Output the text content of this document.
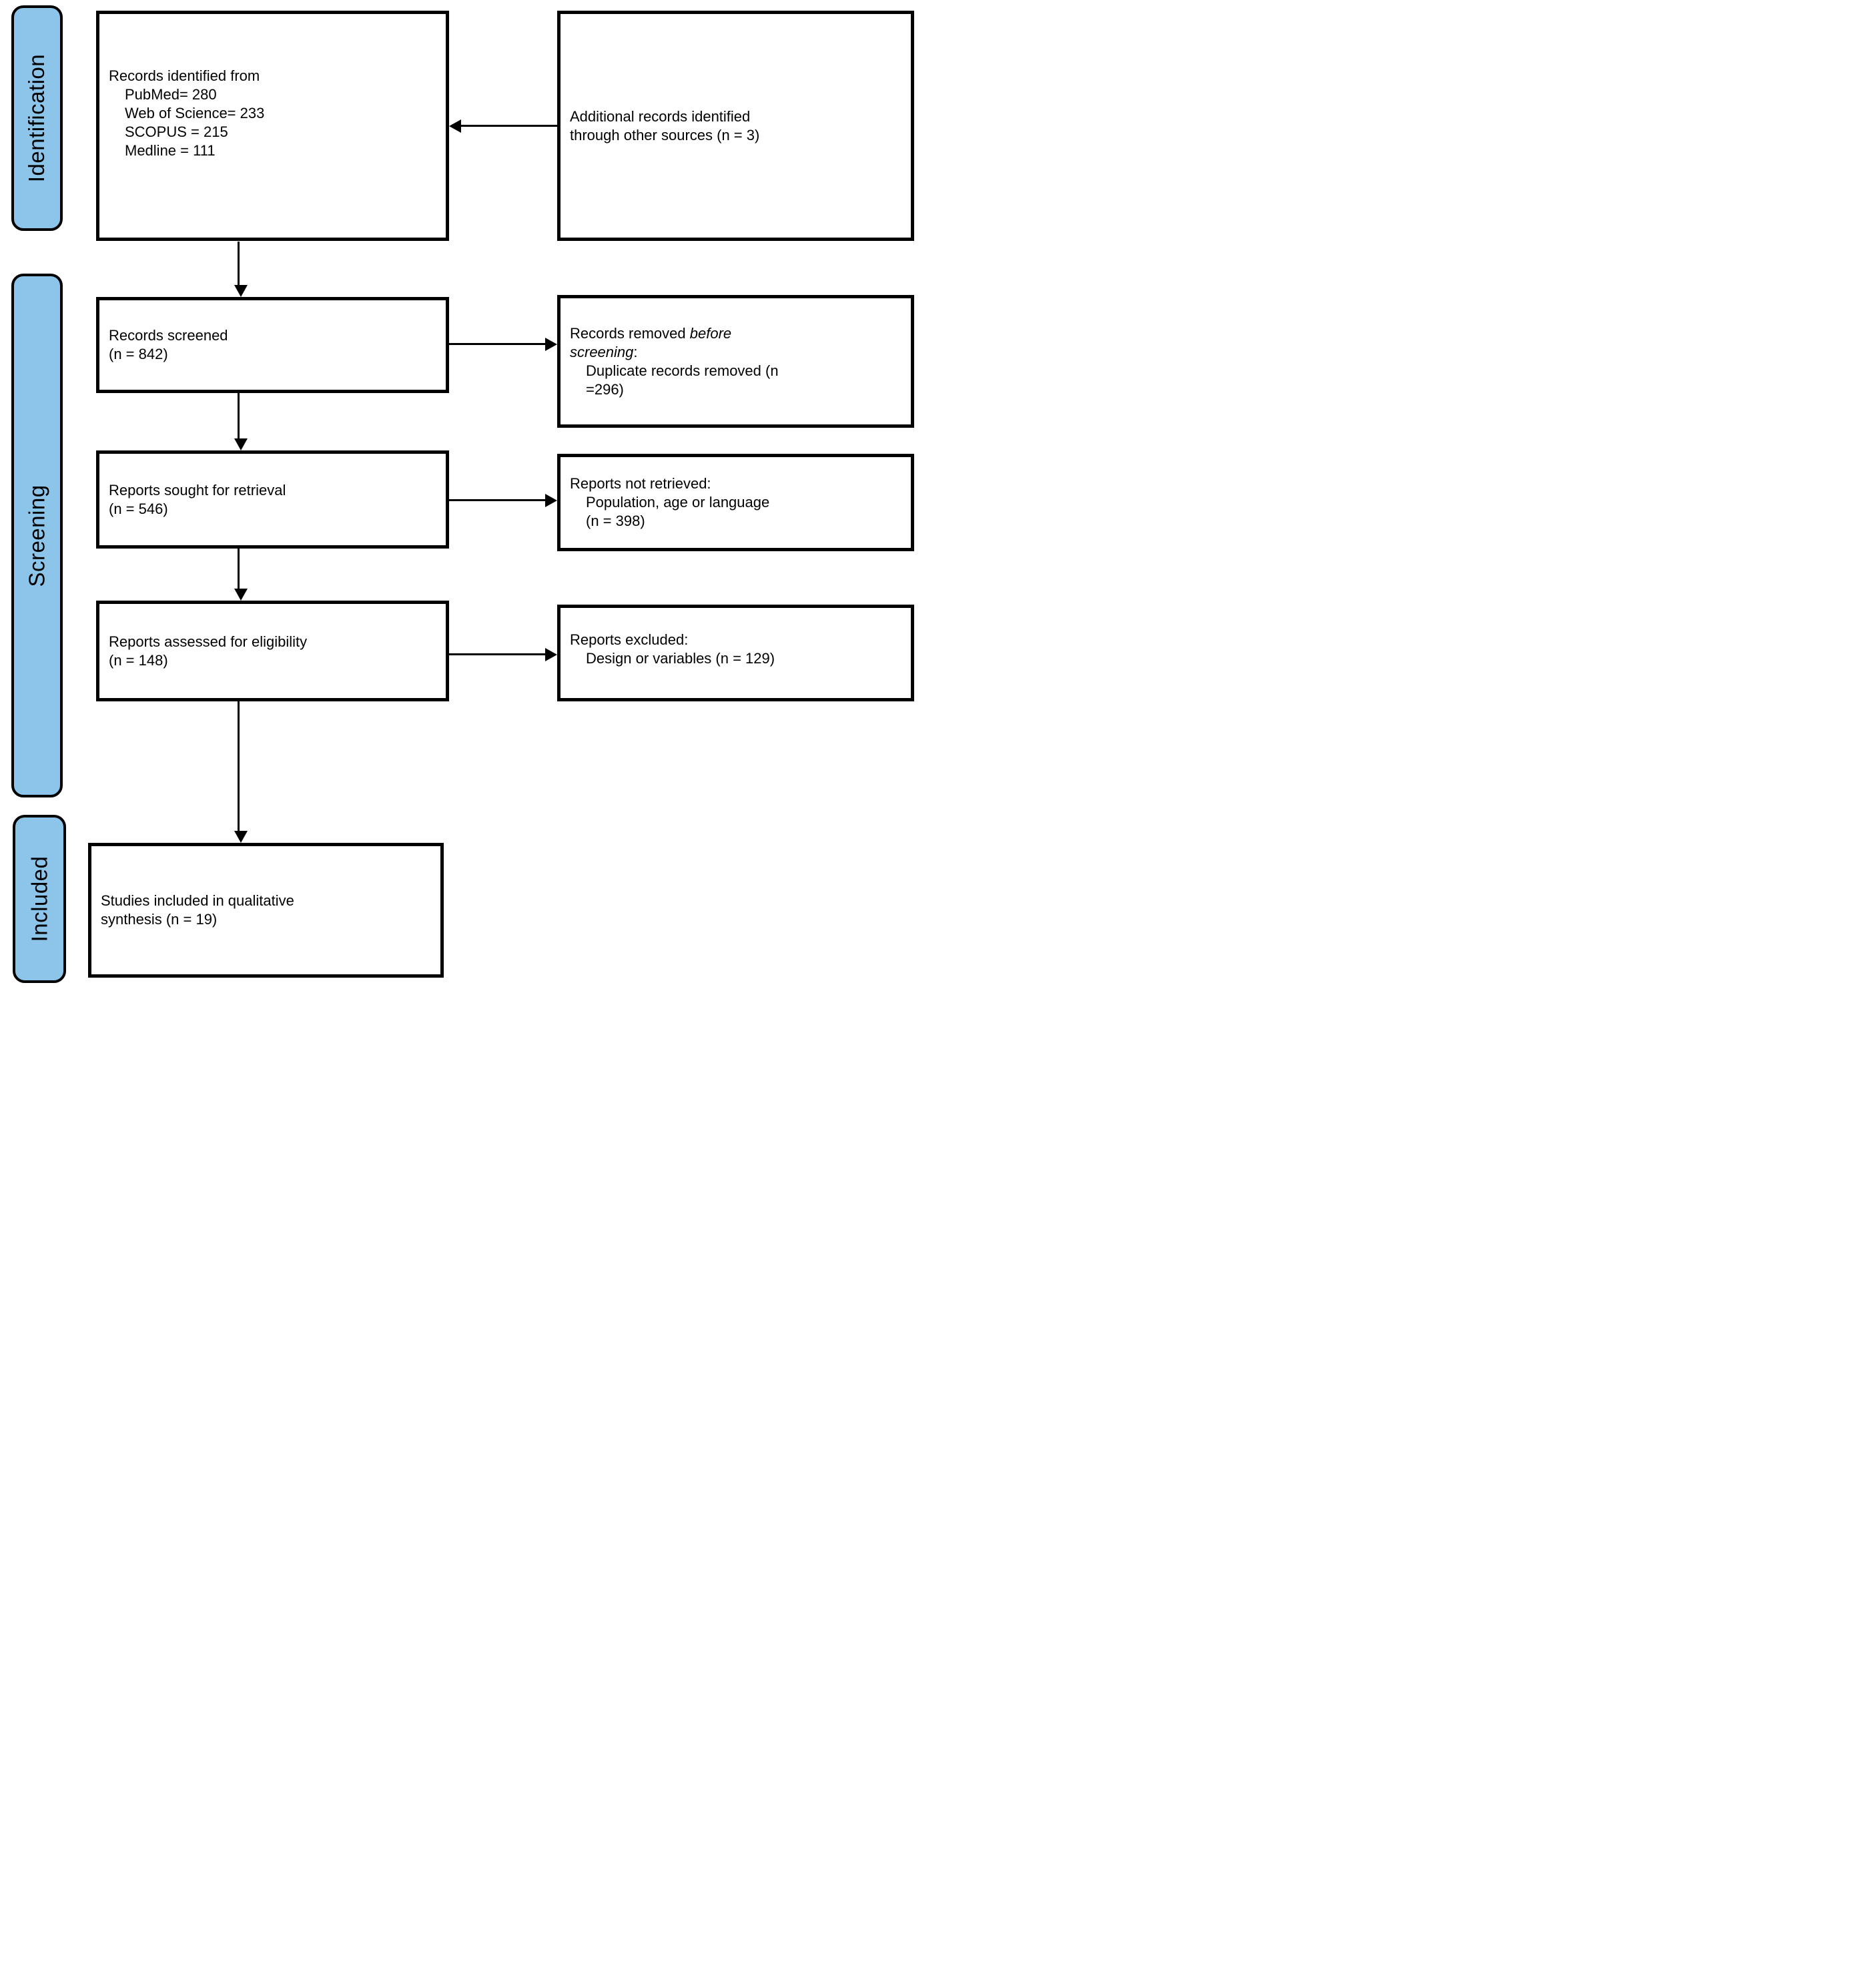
Identification
Screening
Included
Records identified from
PubMed= 280
Web of Science= 233
SCOPUS = 215
Medline = 111
Additional records identified
through other sources (n = 3)
Records screened
(n = 842)
Records removed before
screening:
Duplicate records removed (n
=296)
Reports sought for retrieval
(n = 546)
Reports not retrieved:
Population, age or language
(n = 398)
Reports assessed for eligibility
(n = 148)
Reports excluded:
Design or variables (n = 129)
Studies included in qualitative
synthesis (n = 19)
